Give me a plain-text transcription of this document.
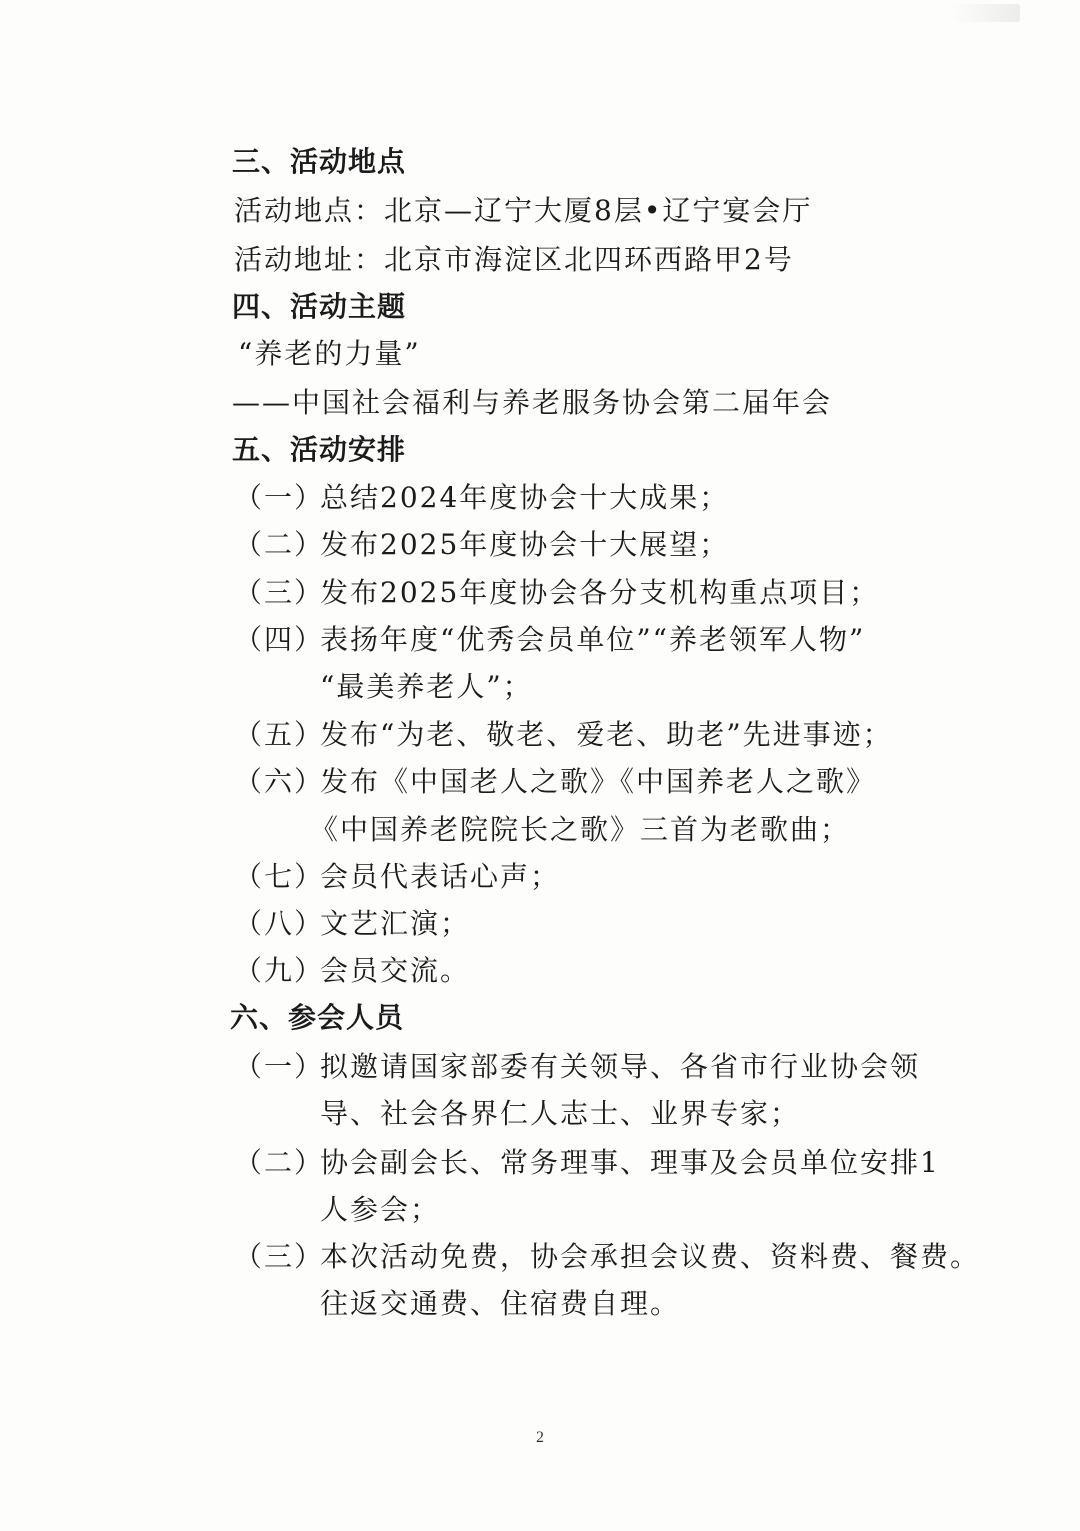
三、活动地点
活动地点：北京—辽宁大厦8层•辽宁宴会厅
活动地址：北京市海淀区北四环西路甲2号
四、活动主题
“养老的力量”
——中国社会福利与养老服务协会第二届年会
五、活动安排
（一）总结2024年度协会十大成果；
（二）发布2025年度协会十大展望；
（三）发布2025年度协会各分支机构重点项目；
（四）表扬年度“优秀会员单位”“养老领军人物”
“最美养老人”；
（五）发布“为老、敬老、爱老、助老”先进事迹；
（六）发布《中国老人之歌》《中国养老人之歌》
《中国养老院院长之歌》三首为老歌曲；
（七）会员代表话心声；
（八）文艺汇演；
（九）会员交流。
六、参会人员
（一）拟邀请国家部委有关领导、各省市行业协会领
导、社会各界仁人志士、业界专家；
（二）协会副会长、常务理事、理事及会员单位安排1
人参会；
（三）本次活动免费，协会承担会议费、资料费、餐费。
往返交通费、住宿费自理。
2
